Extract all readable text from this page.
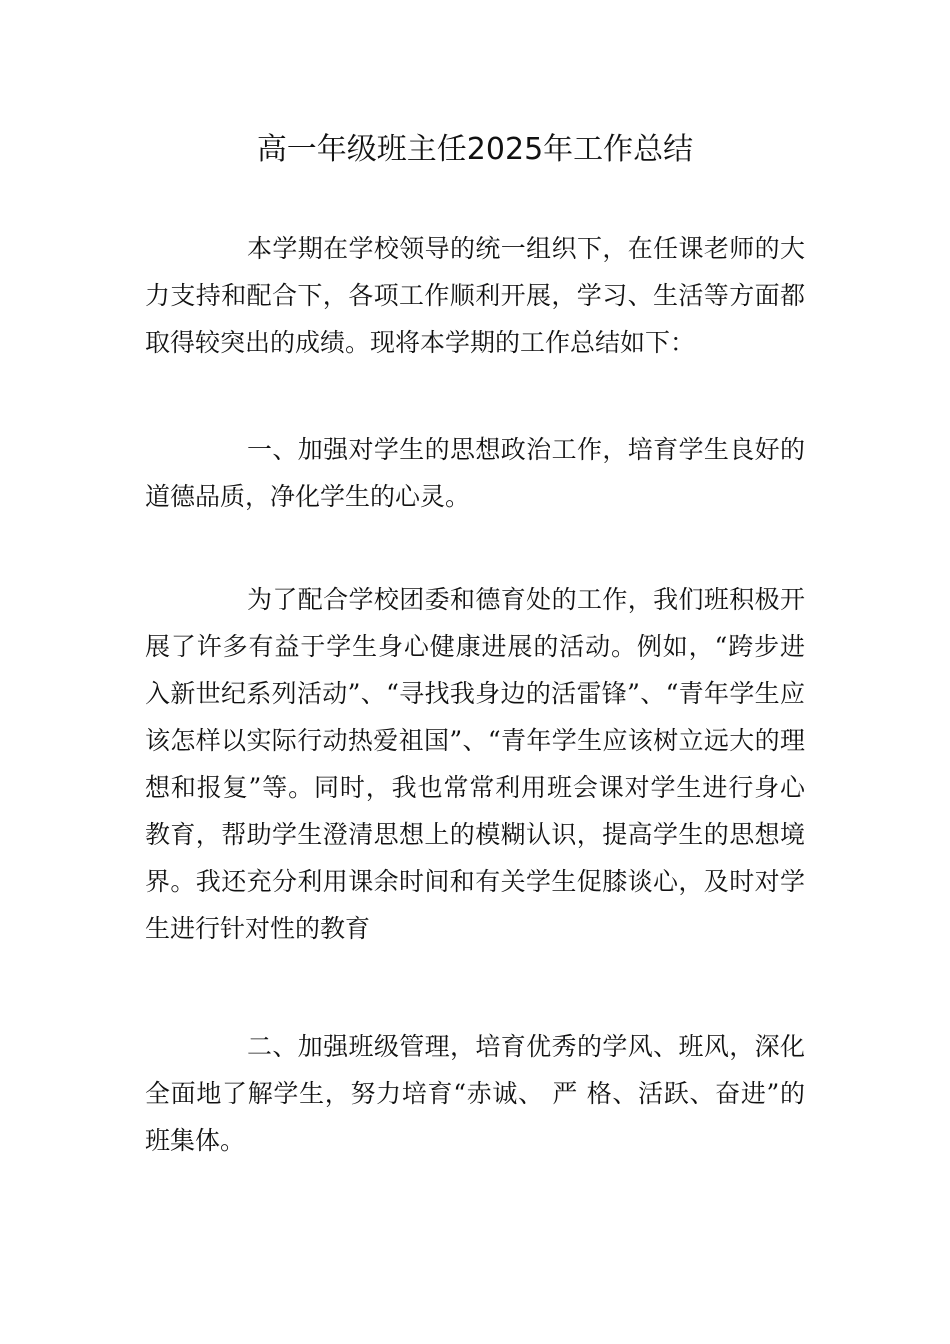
高一年级班主任2025年工作总结

本学期在学校领导的统一组织下，在任课老师的大力支持和配合下，各项工作顺利开展，学习、生活等方面都取得较突出的成绩。现将本学期的工作总结如下：

一、加强对学生的思想政治工作，培育学生良好的道德品质，净化学生的心灵。

为了配合学校团委和德育处的工作，我们班积极开展了许多有益于学生身心健康进展的活动。例如，“跨步进入新世纪系列活动”、“寻找我身边的活雷锋”、“青年学生应该怎样以实际行动热爱祖国”、“青年学生应该树立远大的理想和报复”等。同时，我也常常利用班会课对学生进行身心教育，帮助学生澄清思想上的模糊认识，提高学生的思想境界。我还充分利用课余时间和有关学生促膝谈心，及时对学生进行针对性的教育

二、加强班级管理，培育优秀的学风、班风，深化全面地了解学生，努力培育“赤诚、 严 格、活跃、奋进”的班集体。
